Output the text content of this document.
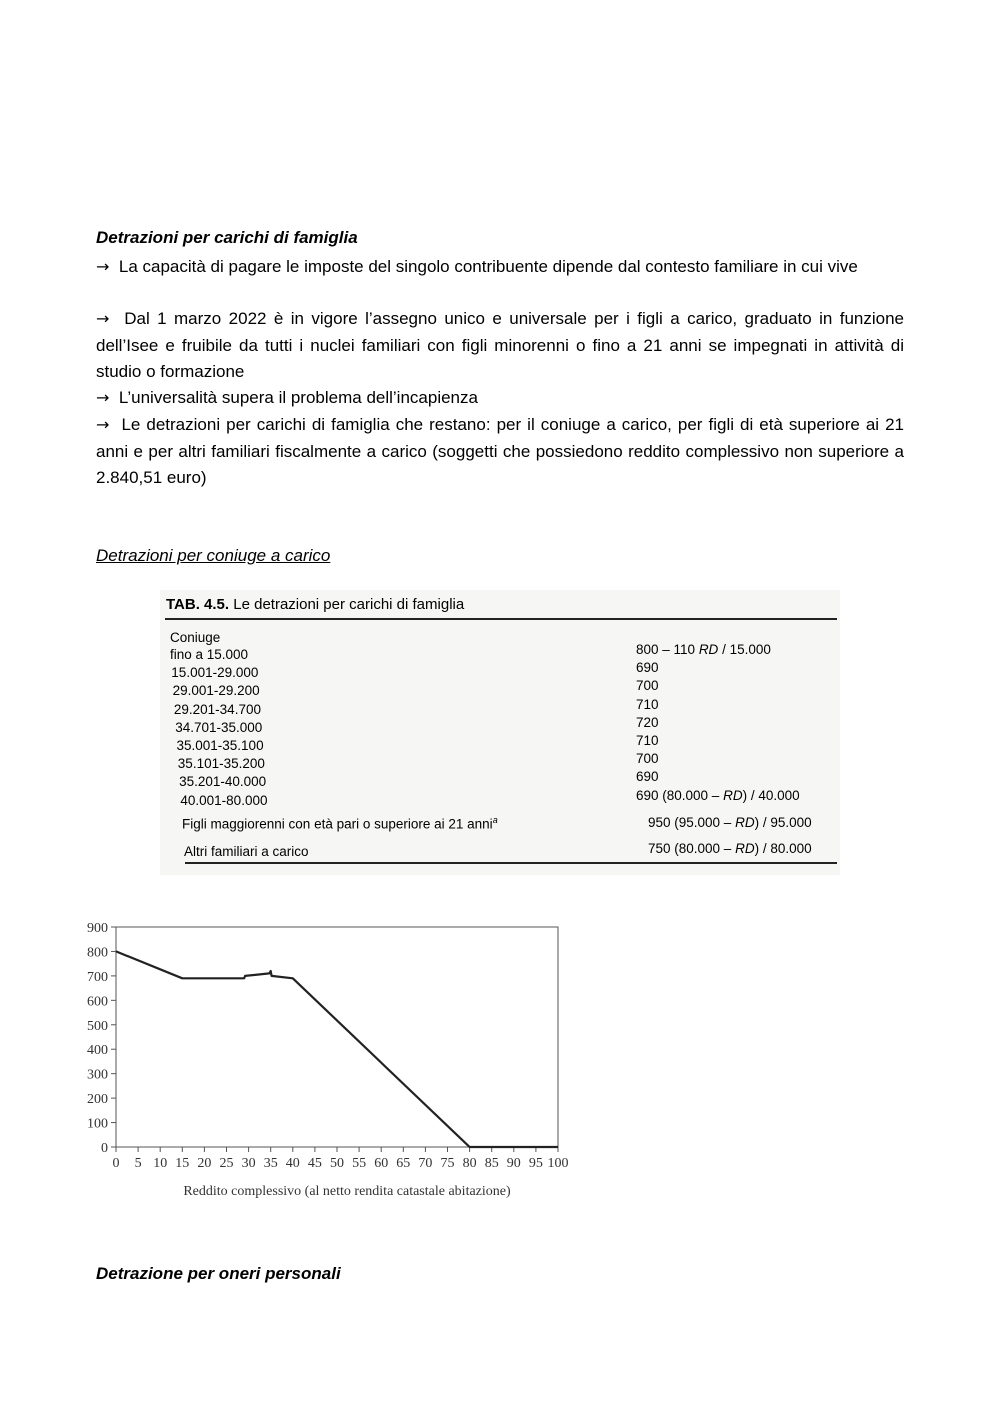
Detrazioni per carichi di famiglia

→ La capacità di pagare le imposte del singolo contribuente dipende dal contesto familiare in cui vive

→ Dal 1 marzo 2022 è in vigore l’assegno unico e universale per i figli a carico, graduato in funzione dell’Isee e fruibile da tutti i nuclei familiari con figli minorenni o fino a 21 anni se impegnati in attività di studio o formazione

→ L’universalità supera il problema dell’incapienza

→ Le detrazioni per carichi di famiglia che restano: per il coniuge a carico, per figli di età superiore ai 21 anni e per altri familiari fiscalmente a carico (soggetti che possiedono reddito complessivo non superiore a 2.840,51 euro)

Detrazioni per coniuge a carico

TAB. 4.5. Le detrazioni per carichi di famiglia
Coniuge
fino a 15.000	800 – 110 RD / 15.000
15.001-29.000	690
29.001-29.200	700
29.201-34.700	710
34.701-35.000	720
35.001-35.100	710
35.101-35.200	700
35.201-40.000	690
40.001-80.000	690 (80.000 – RD) / 40.000
Figli maggiorenni con età pari o superiore ai 21 anni$^a$	950 (95.000 – RD) / 95.000
Altri familiari a carico	750 (80.000 – RD) / 80.000
0
100
200
300
400
500
600
700
800
900
0 5 10 15 20 25 30 35 40 45 50 55 60 65 70 75 80 85 90 95 100
Reddito complessivo (al netto rendita catastale abitazione)

Detrazione per oneri personali
